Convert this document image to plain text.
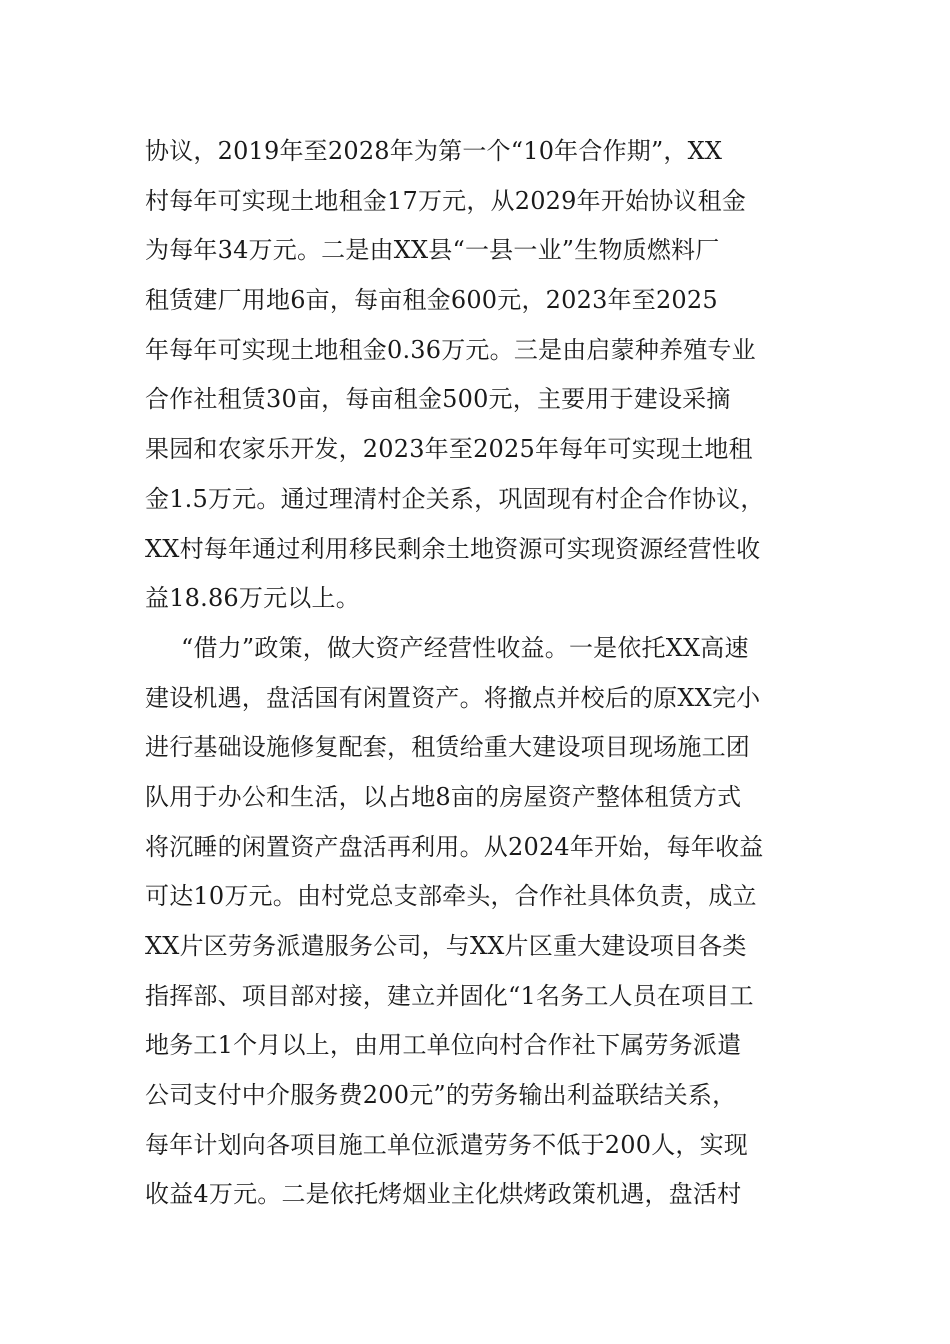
协议，2019年至2028年为第一个“10年合作期”，XX
村每年可实现土地租金17万元，从2029年开始协议租金
为每年34万元。二是由XX县“一县一业”生物质燃料厂
租赁建厂用地6亩，每亩租金600元，2023年至2025
年每年可实现土地租金0.36万元。三是由启蒙种养殖专业
合作社租赁30亩，每亩租金500元，主要用于建设采摘
果园和农家乐开发，2023年至2025年每年可实现土地租
金1.5万元。通过理清村企关系，巩固现有村企合作协议，
XX村每年通过利用移民剩余土地资源可实现资源经营性收
益18.86万元以上。
“借力”政策，做大资产经营性收益。一是依托XX高速
建设机遇，盘活国有闲置资产。将撤点并校后的原XX完小
进行基础设施修复配套，租赁给重大建设项目现场施工团
队用于办公和生活，以占地8亩的房屋资产整体租赁方式
将沉睡的闲置资产盘活再利用。从2024年开始，每年收益
可达10万元。由村党总支部牵头，合作社具体负责，成立
XX片区劳务派遣服务公司，与XX片区重大建设项目各类
指挥部、项目部对接，建立并固化“1名务工人员在项目工
地务工1个月以上，由用工单位向村合作社下属劳务派遣
公司支付中介服务费200元”的劳务输出利益联结关系，
每年计划向各项目施工单位派遣劳务不低于200人，实现
收益4万元。二是依托烤烟业主化烘烤政策机遇，盘活村
